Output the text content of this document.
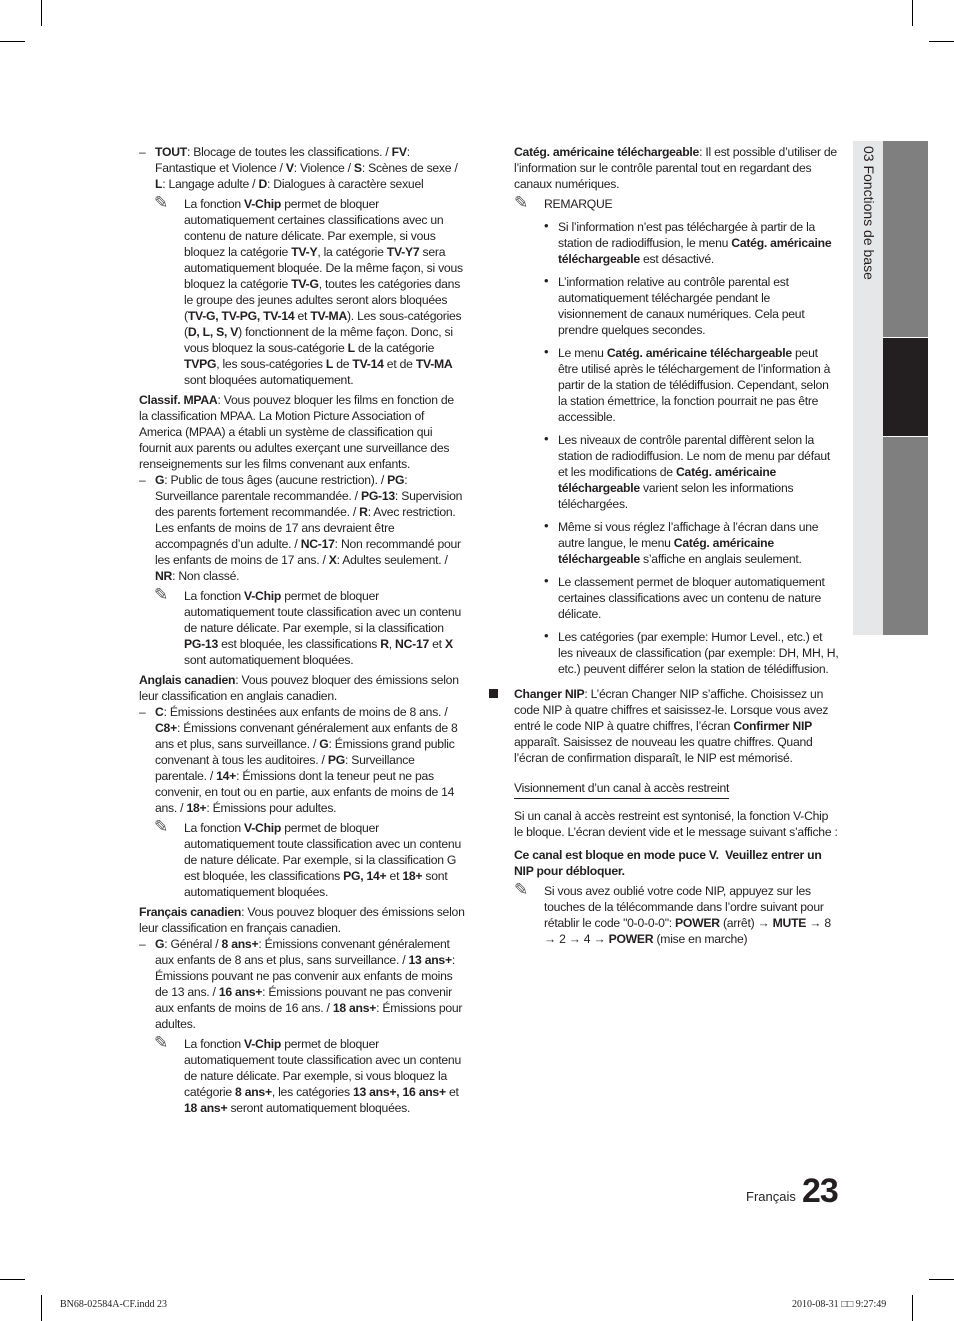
– TOUT: Blocage de toutes les classifications. / FV: Fantastique et Violence / V: Violence / S: Scènes de sexe / L: Langage adulte / D: Dialogues à caractère sexuel

✎ La fonction V-Chip permet de bloquer automatiquement certaines classifications avec un contenu de nature délicate. Par exemple, si vous bloquez la catégorie TV-Y, la catégorie TV-Y7 sera automatiquement bloquée. De la même façon, si vous bloquez la catégorie TV-G, toutes les catégories dans le groupe des jeunes adultes seront alors bloquées (TV-G, TV-PG, TV-14 et TV-MA). Les sous-catégories (D, L, S, V) fonctionnent de la même façon. Donc, si vous bloquez la sous-catégorie L de la catégorie TVPG, les sous-catégories L de TV-14 et de TV-MA sont bloquées automatiquement.

Classif. MPAA: Vous pouvez bloquer les films en fonction de la classification MPAA. La Motion Picture Association of America (MPAA) a établi un système de classification qui fournit aux parents ou adultes exerçant une surveillance des renseignements sur les films convenant aux enfants.

– G: Public de tous âges (aucune restriction). / PG: Surveillance parentale recommandée. / PG-13: Supervision des parents fortement recommandée. / R: Avec restriction. Les enfants de moins de 17 ans devraient être accompagnés d’un adulte. / NC-17: Non recommandé pour les enfants de moins de 17 ans. / X: Adultes seulement. / NR: Non classé.

✎ La fonction V-Chip permet de bloquer automatiquement toute classification avec un contenu de nature délicate. Par exemple, si la classification PG-13 est bloquée, les classifications R, NC-17 et X sont automatiquement bloquées.

Anglais canadien: Vous pouvez bloquer des émissions selon leur classification en anglais canadien.

– C: Émissions destinées aux enfants de moins de 8 ans. / C8+: Émissions convenant généralement aux enfants de 8 ans et plus, sans surveillance. / G: Émissions grand public convenant à tous les auditoires. / PG: Surveillance parentale. / 14+: Émissions dont la teneur peut ne pas convenir, en tout ou en partie, aux enfants de moins de 14 ans. / 18+: Émissions pour adultes.

✎ La fonction V-Chip permet de bloquer automatiquement toute classification avec un contenu de nature délicate. Par exemple, si la classification G est bloquée, les classifications PG, 14+ et 18+ sont automatiquement bloquées.

Français canadien: Vous pouvez bloquer des émissions selon leur classification en français canadien.

– G: Général / 8 ans+: Émissions convenant généralement aux enfants de 8 ans et plus, sans surveillance. / 13 ans+: Émissions pouvant ne pas convenir aux enfants de moins de 13 ans. / 16 ans+: Émissions pouvant ne pas convenir aux enfants de moins de 16 ans. / 18 ans+: Émissions pour adultes.

✎ La fonction V-Chip permet de bloquer automatiquement toute classification avec un contenu de nature délicate. Par exemple, si vous bloquez la catégorie 8 ans+, les catégories 13 ans+, 16 ans+ et 18 ans+ seront automatiquement bloquées.

Catég. américaine téléchargeable: Il est possible d’utiliser de l’information sur le contrôle parental tout en regardant des canaux numériques.

✎ REMARQUE

• Si l’information n’est pas téléchargée à partir de la station de radiodiffusion, le menu Catég. américaine téléchargeable est désactivé.

• L’information relative au contrôle parental est automatiquement téléchargée pendant le visionnement de canaux numériques. Cela peut prendre quelques secondes.

• Le menu Catég. américaine téléchargeable peut être utilisé après le téléchargement de l’information à partir de la station de télédiffusion. Cependant, selon la station émettrice, la fonction pourrait ne pas être accessible.

• Les niveaux de contrôle parental diffèrent selon la station de radiodiffusion. Le nom de menu par défaut et les modifications de Catég. américaine téléchargeable varient selon les informations téléchargées.

• Même si vous réglez l’affichage à l’écran dans une autre langue, le menu Catég. américaine téléchargeable s’affiche en anglais seulement.

• Le classement permet de bloquer automatiquement certaines classifications avec un contenu de nature délicate.

• Les catégories (par exemple: Humor Level., etc.) et les niveaux de classification (par exemple: DH, MH, H, etc.) peuvent différer selon la station de télédiffusion.

Changer NIP: L’écran Changer NIP s’affiche. Choisissez un code NIP à quatre chiffres et saisissez-le. Lorsque vous avez entré le code NIP à quatre chiffres, l’écran Confirmer NIP apparaît. Saisissez de nouveau les quatre chiffres. Quand l’écran de confirmation disparaît, le NIP est mémorisé.

Visionnement d’un canal à accès restreint

Si un canal à accès restreint est syntonisé, la fonction V-Chip le bloque. L’écran devient vide et le message suivant s’affiche :

Ce canal est bloque en mode puce V.  Veuillez entrer un NIP pour débloquer.

✎ Si vous avez oublié votre code NIP, appuyez sur les touches de la télécommande dans l’ordre suivant pour rétablir le code "0-0-0-0": POWER (arrêt) → MUTE → 8 → 2 → 4 → POWER (mise en marche)

03 Fonctions de base
Français 23
BN68-02584A-CF.indd 23	2010-08-31 □□ 9:27:49
